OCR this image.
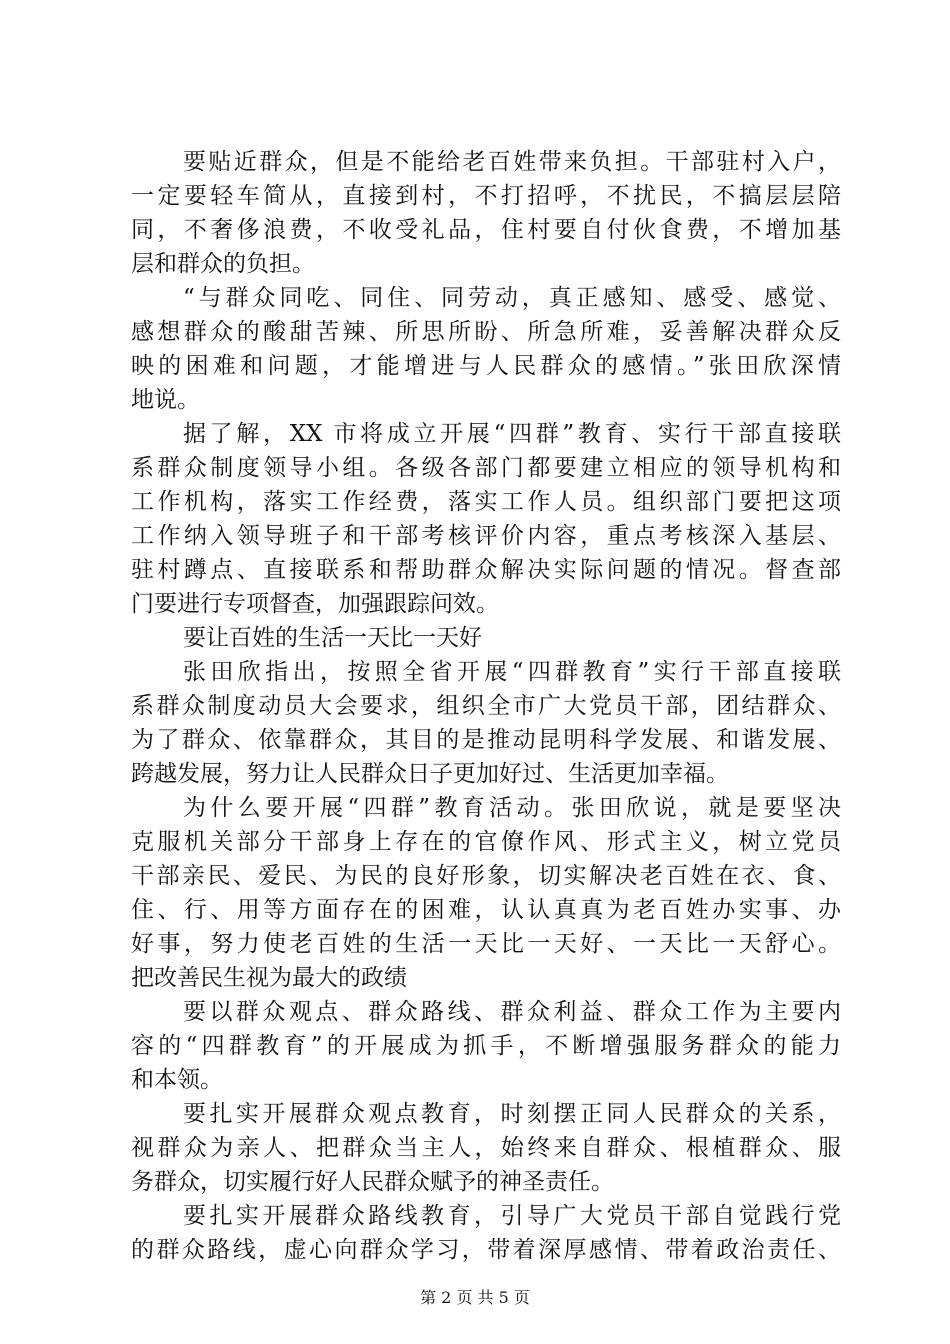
要贴近群众，但是不能给老百姓带来负担。干部驻村入户，
一定要轻车简从，直接到村，不打招呼，不扰民，不搞层层陪
同，不奢侈浪费，不收受礼品，住村要自付伙食费，不增加基
层和群众的负担。
“与群众同吃、同住、同劳动，真正感知、感受、感觉、
感想群众的酸甜苦辣、所思所盼、所急所难，妥善解决群众反
映的困难和问题，才能增进与人民群众的感情。”张田欣深情
地说。
据了解，XX 市将成立开展“四群”教育、实行干部直接联
系群众制度领导小组。各级各部门都要建立相应的领导机构和
工作机构，落实工作经费，落实工作人员。组织部门要把这项
工作纳入领导班子和干部考核评价内容，重点考核深入基层、
驻村蹲点、直接联系和帮助群众解决实际问题的情况。督查部
门要进行专项督查，加强跟踪问效。
要让百姓的生活一天比一天好
张田欣指出，按照全省开展“四群教育”实行干部直接联
系群众制度动员大会要求，组织全市广大党员干部，团结群众、
为了群众、依靠群众，其目的是推动昆明科学发展、和谐发展、
跨越发展，努力让人民群众日子更加好过、生活更加幸福。
为什么要开展“四群”教育活动。张田欣说，就是要坚决
克服机关部分干部身上存在的官僚作风、形式主义，树立党员
干部亲民、爱民、为民的良好形象，切实解决老百姓在衣、食、
住、行、用等方面存在的困难，认认真真为老百姓办实事、办
好事，努力使老百姓的生活一天比一天好、一天比一天舒心。
把改善民生视为最大的政绩
要以群众观点、群众路线、群众利益、群众工作为主要内
容的“四群教育”的开展成为抓手，不断增强服务群众的能力
和本领。
要扎实开展群众观点教育，时刻摆正同人民群众的关系，
视群众为亲人、把群众当主人，始终来自群众、根植群众、服
务群众，切实履行好人民群众赋予的神圣责任。
要扎实开展群众路线教育，引导广大党员干部自觉践行党
的群众路线，虚心向群众学习，带着深厚感情、带着政治责任、
第 2 页 共 5 页
